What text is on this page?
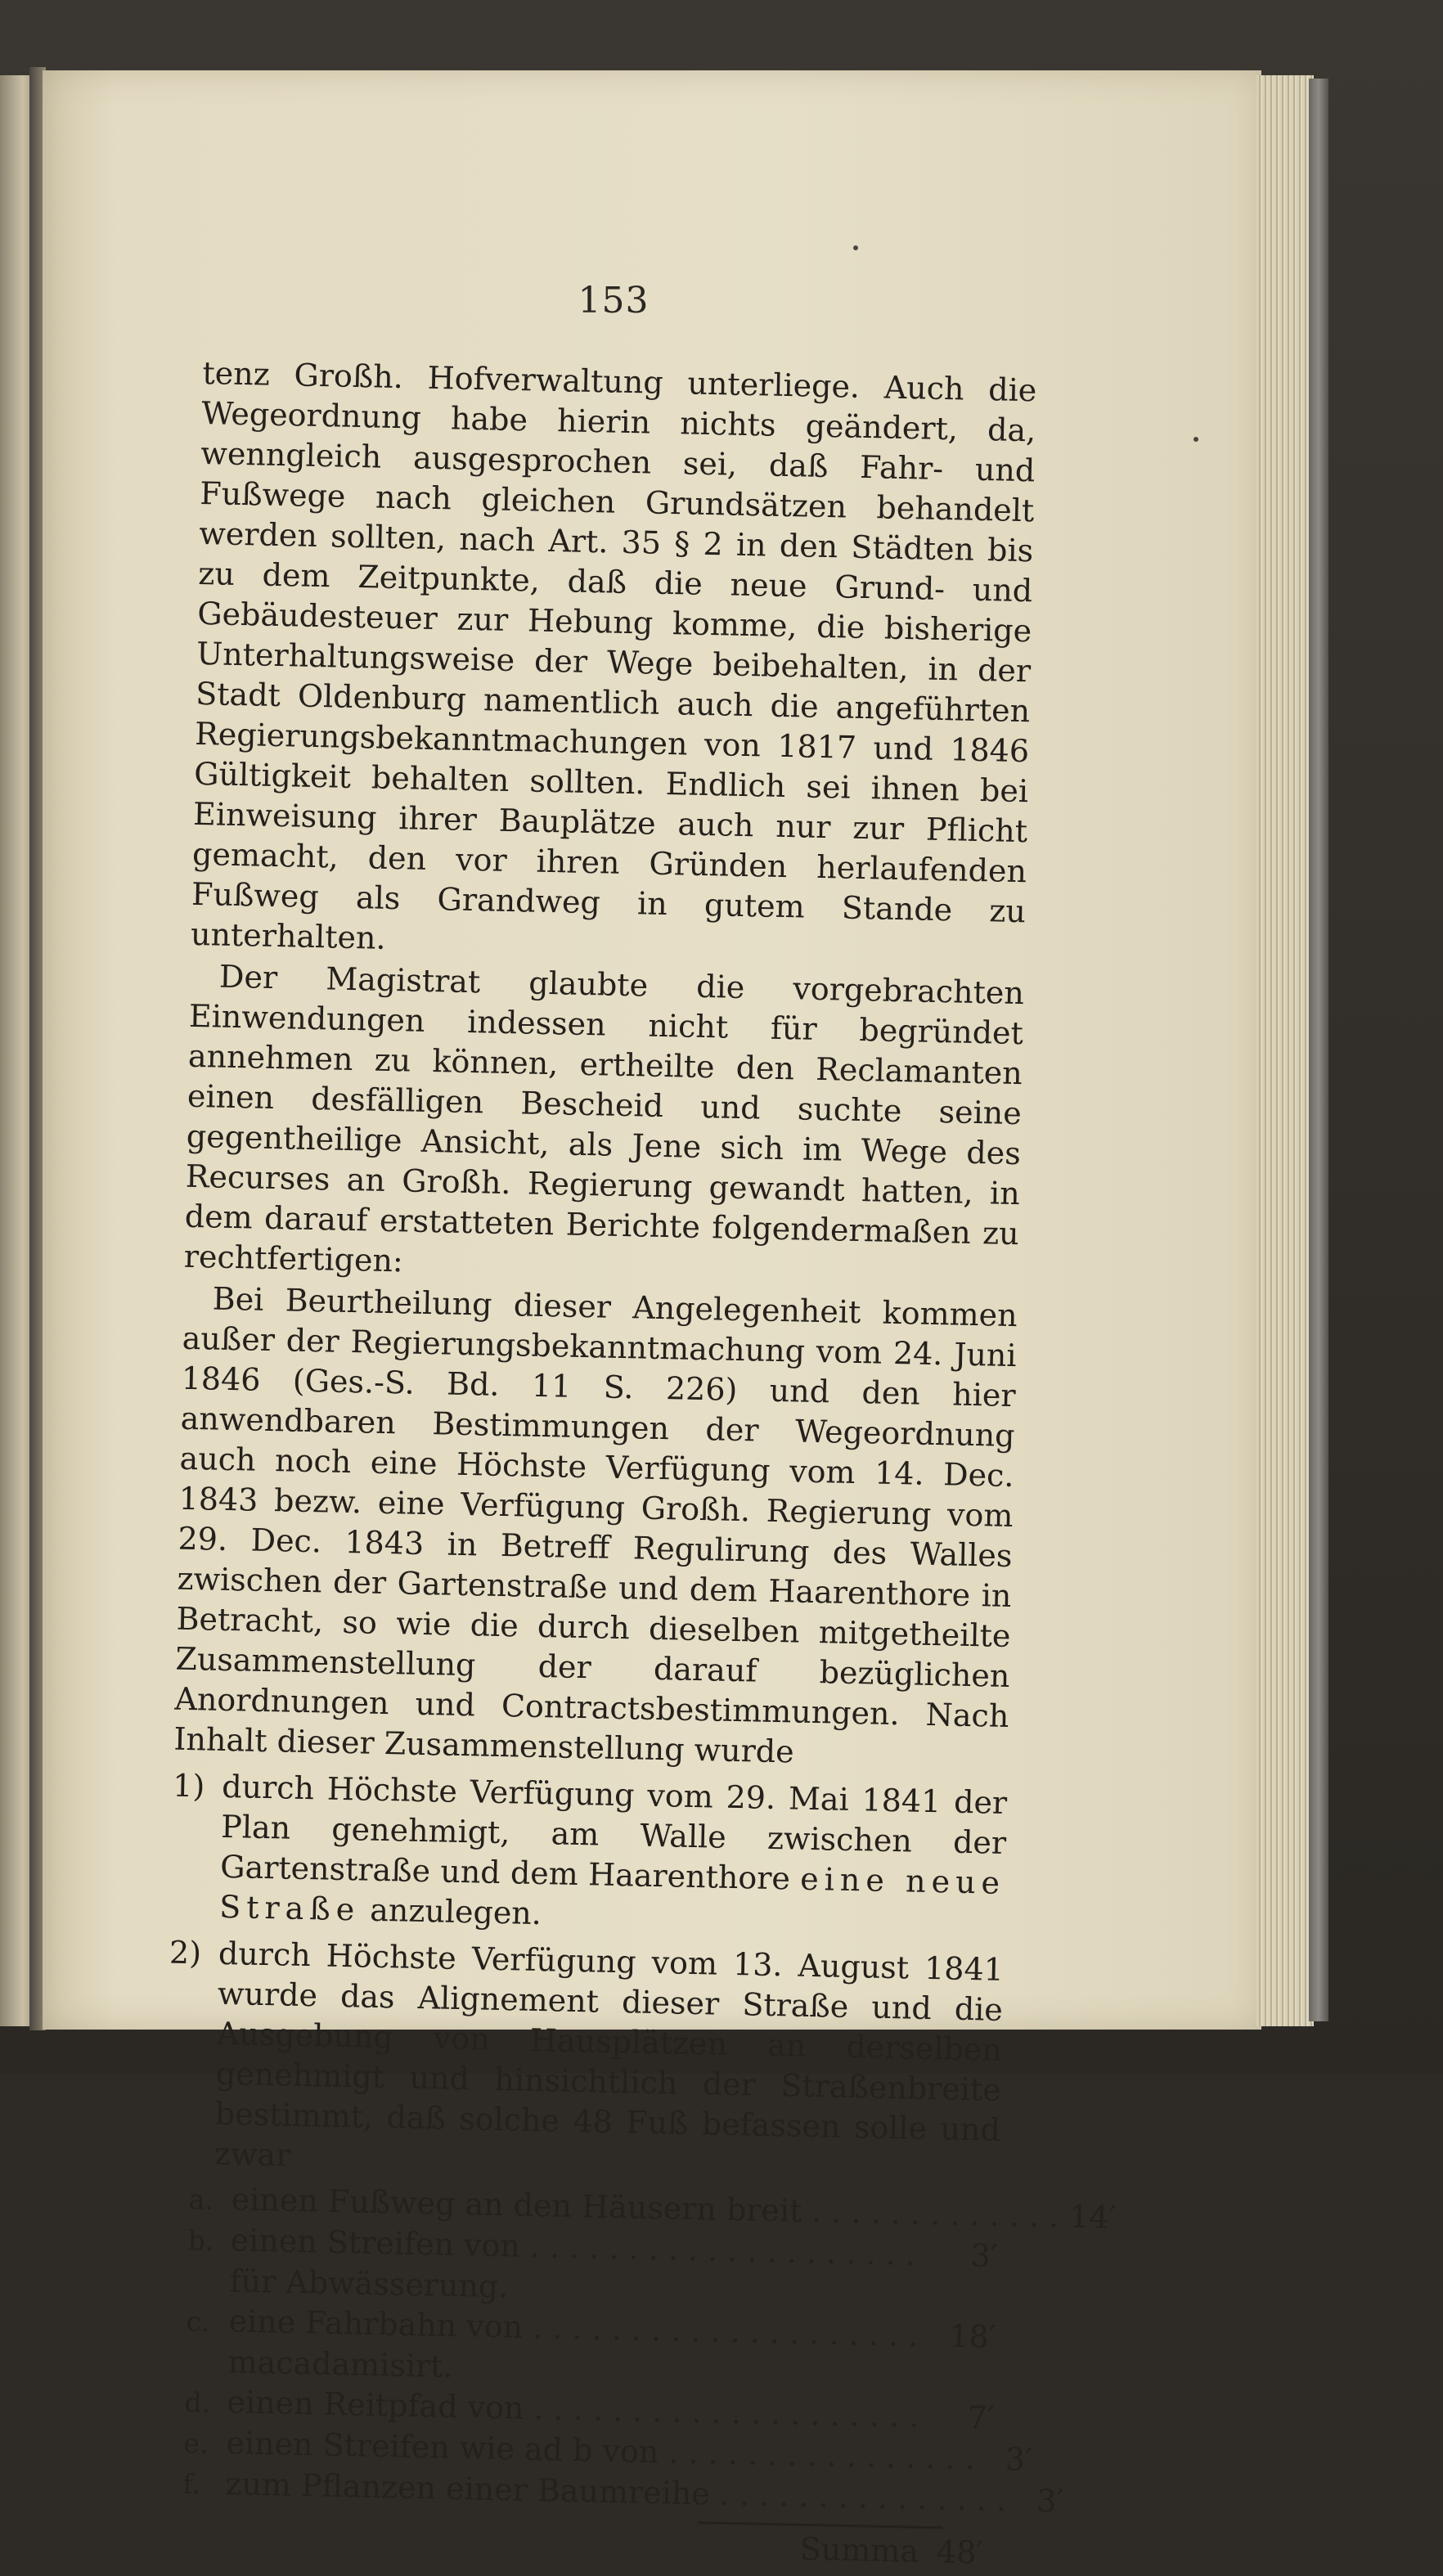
153

tenz Großh. Hofverwaltung unterliege. Auch die Wegeordnung habe hierin nichts geändert, da, wenngleich ausgesprochen sei, daß Fahr- und Fußwege nach gleichen Grundsätzen behandelt werden sollten, nach Art. 35 § 2 in den Städten bis zu dem Zeitpunkte, daß die neue Grund- und Gebäudesteuer zur Hebung komme, die bisherige Unterhaltungsweise der Wege beibehalten, in der Stadt Oldenburg namentlich auch die angeführten Regierungsbekanntmachungen von 1817 und 1846 Gültigkeit behalten sollten. Endlich sei ihnen bei Einweisung ihrer Bauplätze auch nur zur Pflicht gemacht, den vor ihren Gründen herlaufenden Fußweg als Grandweg in gutem Stande zu unterhalten.

Der Magistrat glaubte die vorgebrachten Einwendungen indessen nicht für begründet annehmen zu können, ertheilte den Reclamanten einen desfälligen Bescheid und suchte seine gegentheilige Ansicht, als Jene sich im Wege des Recurses an Großh. Regierung gewandt hatten, in dem darauf erstatteten Berichte folgendermaßen zu rechtfertigen:

Bei Beurtheilung dieser Angelegenheit kommen außer der Regierungsbekanntmachung vom 24. Juni 1846 (Ges.-S. Bd. 11 S. 226) und den hier anwendbaren Bestimmungen der Wegeordnung auch noch eine Höchste Verfügung vom 14. Dec. 1843 bezw. eine Verfügung Großh. Regierung vom 29. Dec. 1843 in Betreff Regulirung des Walles zwischen der Gartenstraße und dem Haarenthore in Betracht, so wie die durch dieselben mitgetheilte Zusammenstellung der darauf bezüglichen Anordnungen und Contractsbestimmungen. Nach Inhalt dieser Zusammenstellung wurde

1) durch Höchste Verfügung vom 29. Mai 1841 der Plan genehmigt, am Walle zwischen der Gartenstraße und dem Haarenthore eine neue Straße anzulegen.
2) durch Höchste Verfügung vom 13. August 1841 wurde das Alignement dieser Straße und die Ausgebung von Hausplätzen an derselben genehmigt und hinsichtlich der Straßenbreite bestimmt, daß solche 48 Fuß befassen solle und zwar
a. einen Fußweg an den Häusern breit . . . . . . . . . . . . . 14′
b. einen Streifen von . . . . . . . . . . . . . . . . . . . .	3′
für Abwässerung.
c. eine Fahrbahn von . . . . . . . . . . . . . . . . . . . . 18′
macadamisirt.
d. einen Reitpfad von . . . . . . . . . . . . . . . . . . . .	7′
e. einen Streifen wie ad b von . . . . . . . . . . . . . . . . 3′
f. zum Pflanzen einer Baumreihe . . . . . . . . . . . . . . . 3′
Summa 48′
